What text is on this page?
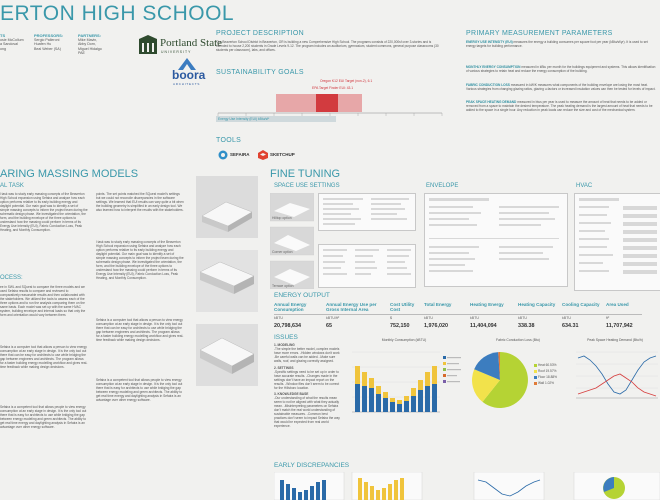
ERTON HIGH SCHOOL
TS
osie McCollum
a Sandoval
ong
PROFESSORS:
Sergio Palleroni
Huafen Hu
Beal Weber (SA)
PARTNERS:
Mike Mavin,
Abby Dorn,
Miguel Hidalgo
PAE
Portland State
UNIVERSITY
boora
ARCHITECTS
PROJECT DESCRIPTION
The Beaverton School District in Beaverton, OR is building a new Comprehensive High School. The programs consists of 220,000sf over 3-stories and is intended to house 2,200 students in Grade Levels 9-12. The program includes an auditorium, gymnasium, student commons, general purpose classrooms (30 students per classroom), labs, and offices.
SUSTAINABILITY GOALS
Oregon K12 EUI Target (non-2), 6.1
EPA Target Finder EUI: 43.1
Energy Use Intensity (EUI) kBtu/sf*
TOOLS
SEFAIRA	SKETCHUP
PRIMARY MEASUREMENT PARAMETERS

ENERGY USE INTENSITY (EUI) measures the energy a building consumes per square foot per year (kBtu/sf/yr). It is used to set energy targets for building performance.

MONTHLY ENERGY CONSUMPTION measured in kBtu per month for the buildings equipment and systems. This allows identification of various strategies to retain heat and reduce the energy consumption of the building.

FABRIC CONDUCTION LOSS measured in kW/K measures what components of the building envelope are losing the most heat. Various strategies from changing glazing ratios, glazing u-factors or increased insulation values can then be tested for levels of impact.

PEAK SPACE HEATING DEMAND measured in btus per year is used to measure the amount of heat that needs to be added or removed from a space to maintain the desired temperature. The peak heating demand is the largest amount of heat that needs to be added to the space in a single hour. Any reduction in peak loads can reduce the size and cost of the mechanical system.

ARING MASSING MODELS
AL TASK
l task was to study early massing concepts of the Beaverton High School expansion using Sefaira and analyze how each option performs relative to its early building energy and daylight potential. Our main goal was to identify a set of simple massing concepts to inform the project team during the schematic design phase. We investigated the orientation, the form, and the building envelope of the three options to understand how the massing could perform in terms of its Energy Use Intensity (EUI), Fabric Conduction Loss, Peak Heating, and Monthly Consumption.
OCESS:
ee in SWL and SQuest to compare the three models and we used Sefaira results to compare and reviewed to comparatively reasonable results and then collaborated with the stakeholders. We utilized the tools to assess each of the three options and to run the analysis comparing them on the same basis. Each model was set up with the same HVAC system, building envelope and internal loads so that only the form and orientation would vary between them.
Sefaira is a computer tool that allows a person to view energy consumption at an early stage in design. It is the only tool out there that can be easy for architects to use while bridging the gap between engineers and architects. The program allows for a faster building energy modelling workflow and gives real-time feedback while making design decisions.
Sefaira is a competent tool that allows people to view energy consumption at an early stage in design. It is the only tool out there that is easy for architects to use while bridging the gap between energy modeling and green architects. The ability to get real time energy and daylighting analysis in Sefaira is an advantage over other energy software.
points. The set points matched the SQuest model's settings but we could not reconcile discrepancies in the software settings. We learned that EUI results can vary quite a bit when the building geometry is simplified in an early design tool. We also learned how to interpret the results with the stakeholders.
l task was to study early massing concepts of the Beaverton High School expansion using Sefaira and analyze how each option performs relative to its early building energy and daylight potential. Our main goal was to identify a set of simple massing concepts to inform the project team during the schematic design phase. We investigated the orientation, the form, and the building envelope of the three options to understand how the massing could perform in terms of its Energy Use Intensity (EUI), Fabric Conduction Loss, Peak Heating, and Monthly Consumption.
Sefaira is a computer tool that allows a person to view energy consumption at an early stage in design. It is the only tool out there that can be easy for architects to use while bridging the gap between engineers and architects. The program allows for a faster building energy modelling workflow and gives real-time feedback while making design decisions.
Sefaira is a competent tool that allows people to view energy consumption at an early stage in design. It is the only tool out there that is easy for architects to use while bridging the gap between energy modeling and green architects. The ability to get real time energy and daylighting analysis in Sefaira is an advantage over other energy software.
FINE TUNING
SPACE USE SETTINGS	ENVELOPE	HVAC
Hilltop option
Corner option
Terrace option
ENERGY OUTPUT
Annual Energy Consumption	Annual Energy Use per Gross Internal Area	Cost Utility Cost	Total Energy	Heating Energy	Heating Capacity	Cooling Capacity	Area Used
kBTU	kBTU/ft²	$	kBTU	kBTU	kBTU	kBTU	ft²
20,798,634	65	752,150	1,976,020	11,404,094	338.38	634.31	11,707,942
ISSUES

1. MODELING
-The simple the better model, complex models have more errors. -Hidden windows don't work -Be careful walls can be added. -Make sure walls, roof, and glazing correctly assigned.

2. SETTINGS
-Specific settings need to be set up in order to have accurate results. -Changes made in the settings don't have an impact report on the results. -Window files don't seem to be correct for the Hillsboro location.

3. KNOWLEDGE BASE
-Our understanding of what the results mean seem to not be aligned with what they actually mean. -Misinterpreting parameters on Sefaira don't match the real world understanding of sustainable measures. -Common best practices don't seem to impact Sefaira the way that would be expected from real world experience.

Monthly Consumption (kBTU)	Fabric Conduction Loss (Btu)
Heat 60.53%
Roof 19.57%
Floor 18.88%
Wall 1.02%
Peak Space Heating Demand (Btu/h)
EARLY DISCREPANCIES
